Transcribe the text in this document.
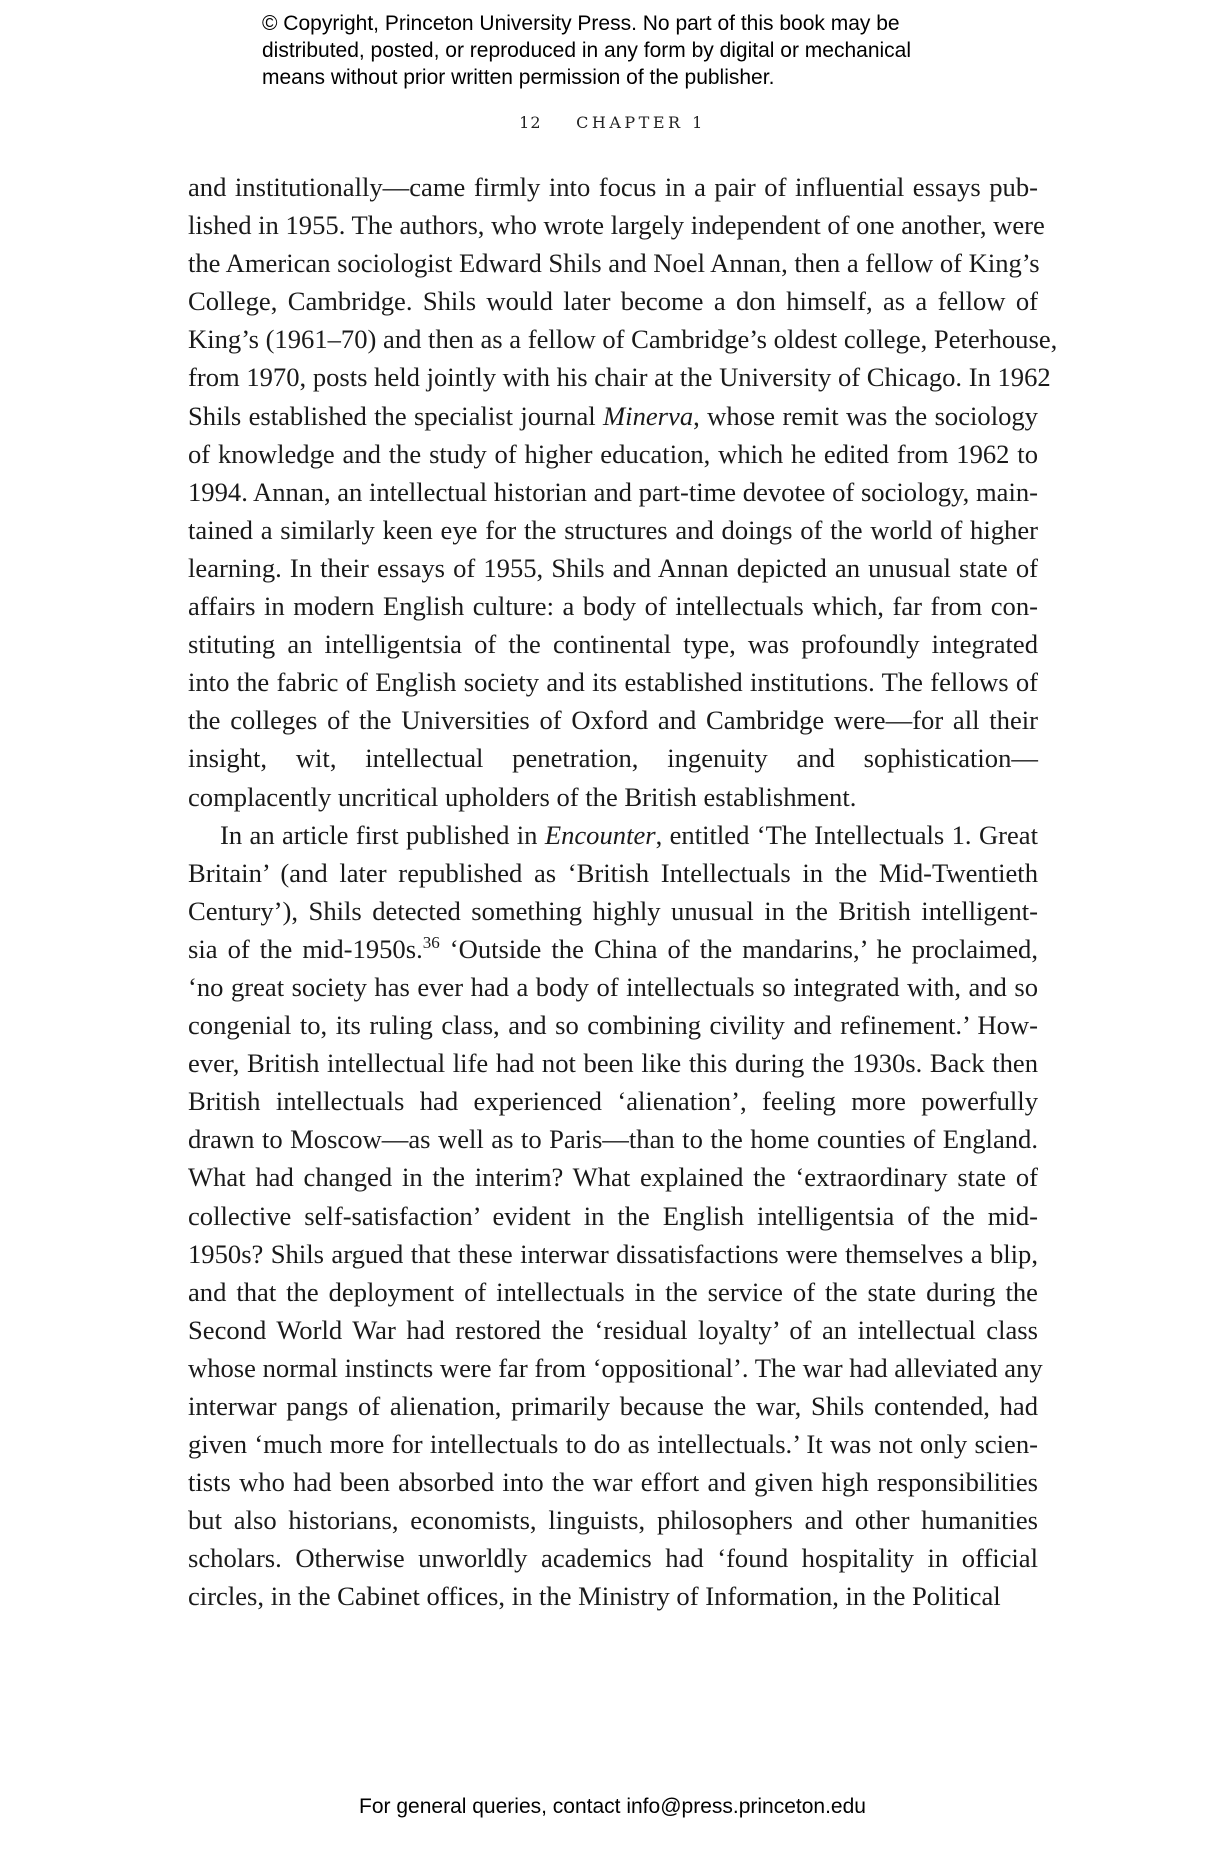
© Copyright, Princeton University Press. No part of this book may be
distributed, posted, or reproduced in any form by digital or mechanical
means without prior written permission of the publisher.
12 CHAPTER 1
and institutionally—came firmly into focus in a pair of influential essays pub-
lished in 1955. The authors, who wrote largely independent of one another, were
the American sociologist Edward Shils and Noel Annan, then a fellow of King’s
College, Cambridge. Shils would later become a don himself, as a fellow of
King’s (1961–70) and then as a fellow of Cambridge’s oldest college, Peterhouse,
from 1970, posts held jointly with his chair at the University of Chicago. In 1962
Shils established the specialist journal Minerva, whose remit was the sociology
of knowledge and the study of higher education, which he edited from 1962 to
1994. Annan, an intellectual historian and part-time devotee of sociology, main-
tained a similarly keen eye for the structures and doings of the world of higher
learning. In their essays of 1955, Shils and Annan depicted an unusual state of
affairs in modern English culture: a body of intellectuals which, far from con-
stituting an intelligentsia of the continental type, was profoundly integrated
into the fabric of English society and its established institutions. The fellows of
the colleges of the Universities of Oxford and Cambridge were—for all their
insight, wit, intellectual penetration, ingenuity and sophistication—
complacently uncritical upholders of the British establishment.
In an article first published in Encounter, entitled ‘The Intellectuals 1. Great
Britain’ (and later republished as ‘British Intellectuals in the Mid-Twentieth
Century’), Shils detected something highly unusual in the British intelligent-
sia of the mid-1950s.$^{36}$ ‘Outside the China of the mandarins,’ he proclaimed,
‘no great society has ever had a body of intellectuals so integrated with, and so
congenial to, its ruling class, and so combining civility and refinement.’ How-
ever, British intellectual life had not been like this during the 1930s. Back then
British intellectuals had experienced ‘alienation’, feeling more powerfully
drawn to Moscow—as well as to Paris—than to the home counties of England.
What had changed in the interim? What explained the ‘extraordinary state of
collective self-satisfaction’ evident in the English intelligentsia of the mid-
1950s? Shils argued that these interwar dissatisfactions were themselves a blip,
and that the deployment of intellectuals in the service of the state during the
Second World War had restored the ‘residual loyalty’ of an intellectual class
whose normal instincts were far from ‘oppositional’. The war had alleviated any
interwar pangs of alienation, primarily because the war, Shils contended, had
given ‘much more for intellectuals to do as intellectuals.’ It was not only scien-
tists who had been absorbed into the war effort and given high responsibilities
but also historians, economists, linguists, philosophers and other humanities
scholars. Otherwise unworldly academics had ‘found hospitality in official
circles, in the Cabinet offices, in the Ministry of Information, in the Political
For general queries, contact info@press.princeton.edu
